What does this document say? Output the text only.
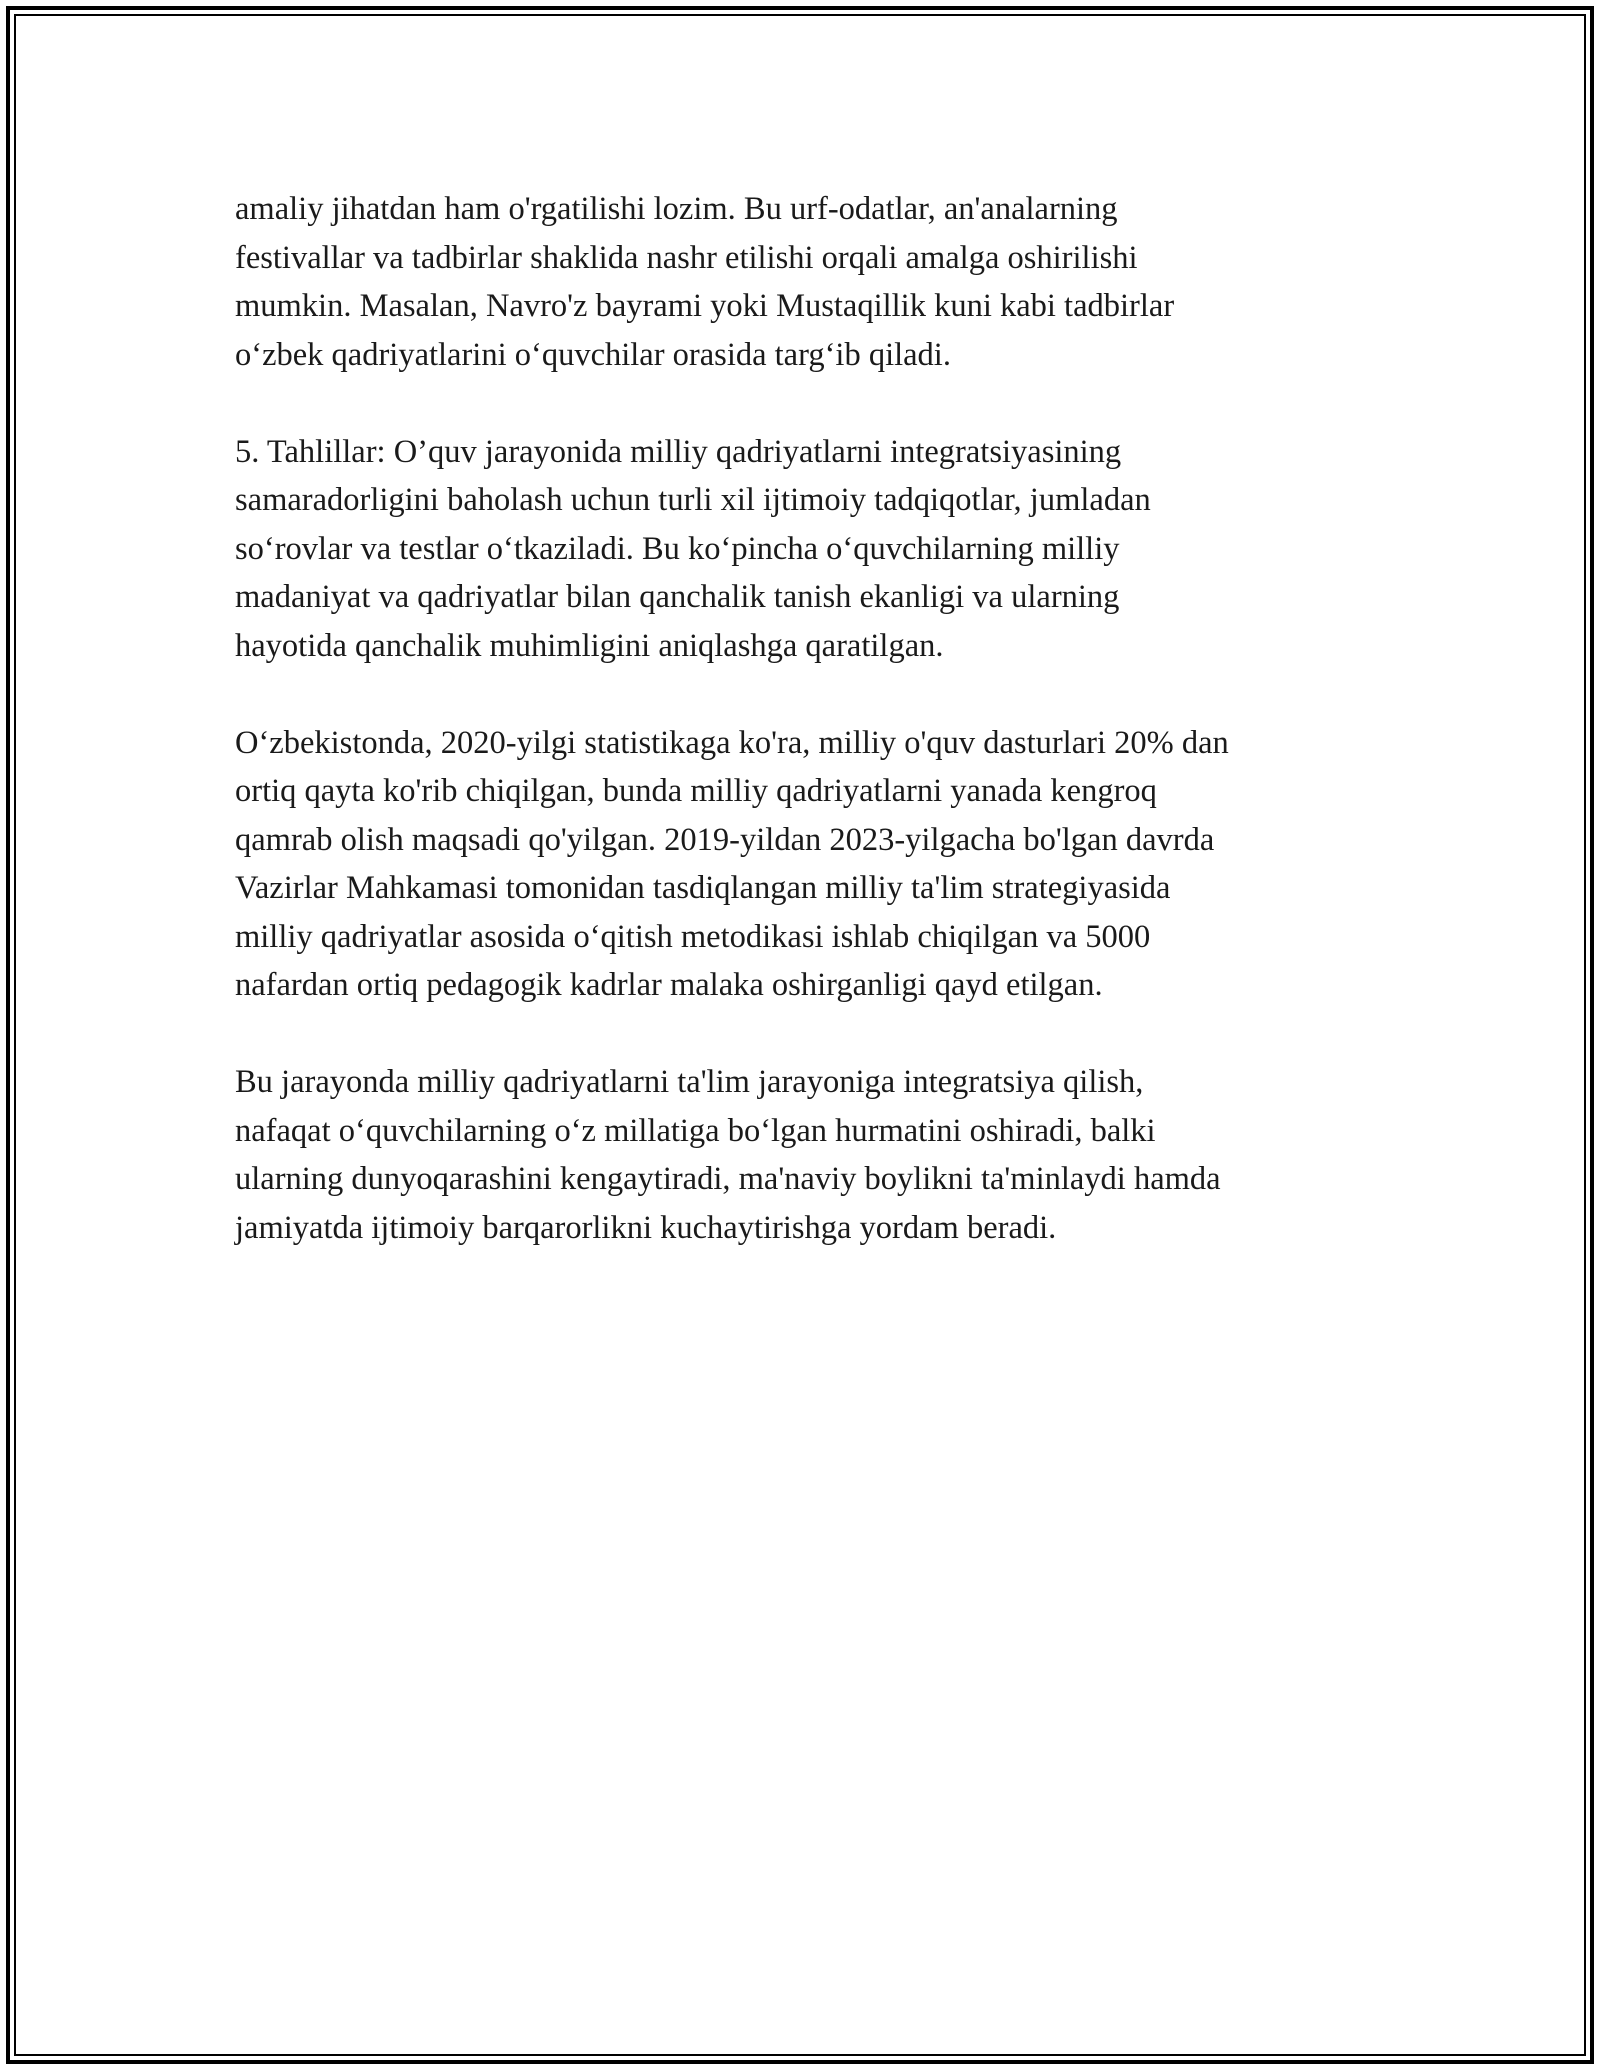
amaliy jihatdan ham o'rgatilishi lozim. Bu urf-odatlar, an'analarning
festivallar va tadbirlar shaklida nashr etilishi orqali amalga oshirilishi
mumkin. Masalan, Navro'z bayrami yoki Mustaqillik kuni kabi tadbirlar
o‘zbek qadriyatlarini o‘quvchilar orasida targ‘ib qiladi.

5. Tahlillar: O’quv jarayonida milliy qadriyatlarni integratsiyasining
samaradorligini baholash uchun turli xil ijtimoiy tadqiqotlar, jumladan
so‘rovlar va testlar o‘tkaziladi. Bu ko‘pincha o‘quvchilarning milliy
madaniyat va qadriyatlar bilan qanchalik tanish ekanligi va ularning
hayotida qanchalik muhimligini aniqlashga qaratilgan.

O‘zbekistonda, 2020-yilgi statistikaga ko'ra, milliy o'quv dasturlari 20% dan
ortiq qayta ko'rib chiqilgan, bunda milliy qadriyatlarni yanada kengroq
qamrab olish maqsadi qo'yilgan. 2019-yildan 2023-yilgacha bo'lgan davrda
Vazirlar Mahkamasi tomonidan tasdiqlangan milliy ta'lim strategiyasida
milliy qadriyatlar asosida o‘qitish metodikasi ishlab chiqilgan va 5000
nafardan ortiq pedagogik kadrlar malaka oshirganligi qayd etilgan.

Bu jarayonda milliy qadriyatlarni ta'lim jarayoniga integratsiya qilish,
nafaqat o‘quvchilarning o‘z millatiga bo‘lgan hurmatini oshiradi, balki
ularning dunyoqarashini kengaytiradi, ma'naviy boylikni ta'minlaydi hamda
jamiyatda ijtimoiy barqarorlikni kuchaytirishga yordam beradi.
